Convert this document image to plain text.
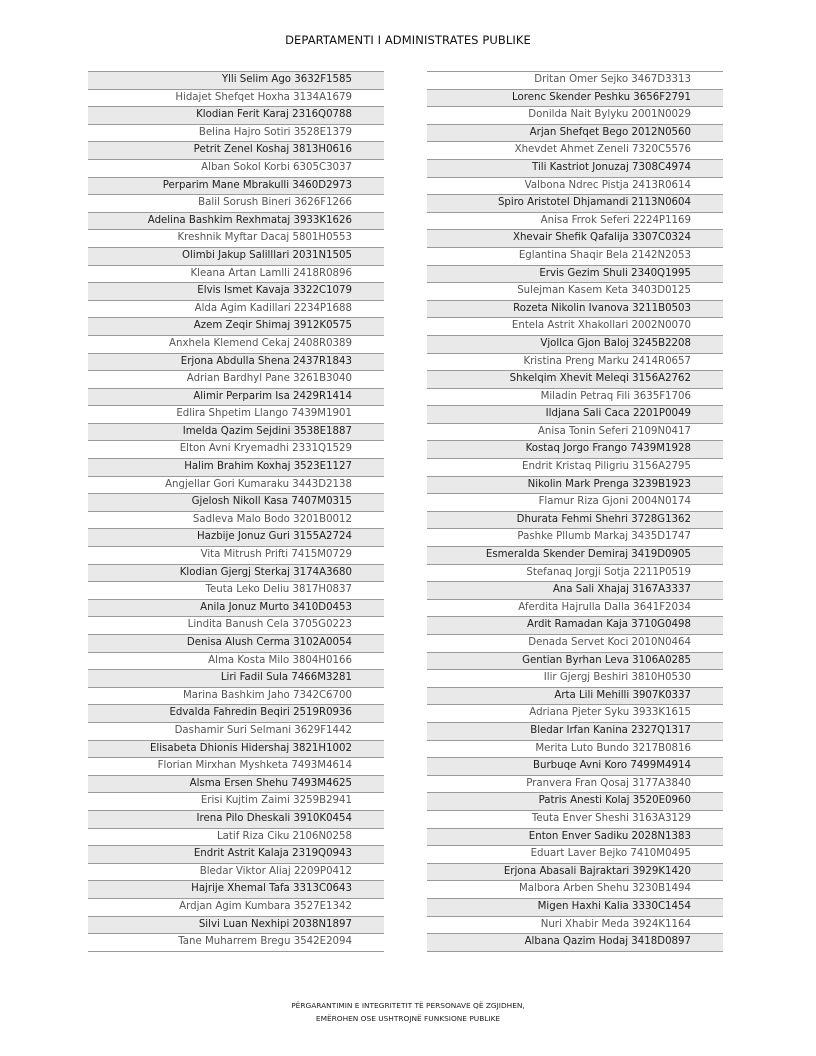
DEPARTAMENTI I ADMINISTRATES PUBLIKE
Ylli Selim Ago 3632F1585
Hidajet Shefqet Hoxha 3134A1679
Klodian Ferit Karaj 2316Q0788
Belina Hajro Sotiri 3528E1379
Petrit Zenel Koshaj 3813H0616
Alban Sokol Korbi 6305C3037
Perparim Mane Mbrakulli 3460D2973
Balil Sorush Bineri 3626F1266
Adelina Bashkim Rexhmataj 3933K1626
Kreshnik Myftar Dacaj 5801H0553
Olimbi Jakup Salilllari 2031N1505
Kleana Artan Lamlli 2418R0896
Elvis Ismet Kavaja 3322C1079
Alda Agim Kadillari 2234P1688
Azem Zeqir Shimaj 3912K0575
Anxhela Klemend Cekaj 2408R0389
Erjona Abdulla Shena 2437R1843
Adrian Bardhyl Pane 3261B3040
Alimir Perparim Isa 2429R1414
Edlira Shpetim Llango 7439M1901
Imelda Qazim Sejdini 3538E1887
Elton Avni Kryemadhi 2331Q1529
Halim Brahim Koxhaj 3523E1127
Angjellar Gori Kumaraku 3443D2138
Gjelosh Nikoll Kasa 7407M0315
Sadleva Malo Bodo 3201B0012
Hazbije Jonuz Guri 3155A2724
Vita Mitrush Prifti 7415M0729
Klodian Gjergj Sterkaj 3174A3680
Teuta Leko Deliu 3817H0837
Anila Jonuz Murto 3410D0453
Lindita Banush Cela 3705G0223
Denisa Alush Cerma 3102A0054
Alma Kosta Milo 3804H0166
Liri Fadil Sula 7466M3281
Marina Bashkim Jaho 7342C6700
Edvalda Fahredin Beqiri 2519R0936
Dashamir Suri Selmani 3629F1442
Elisabeta Dhionis Hidershaj 3821H1002
Florian Mirxhan Myshketa 7493M4614
Alsma Ersen Shehu 7493M4625
Erisi Kujtim Zaimi 3259B2941
Irena Pilo Dheskali 3910K0454
Latif Riza Ciku 2106N0258
Endrit Astrit Kalaja 2319Q0943
Bledar Viktor Aliaj 2209P0412
Hajrije Xhemal Tafa 3313C0643
Ardjan Agim Kumbara 3527E1342
Silvi Luan Nexhipi 2038N1897
Tane Muharrem Bregu 3542E2094
Dritan Omer Sejko 3467D3313
Lorenc Skender Peshku 3656F2791
Donilda Nait Bylyku 2001N0029
Arjan Shefqet Bego 2012N0560
Xhevdet Ahmet Zeneli 7320C5576
Tili Kastriot Jonuzaj 7308C4974
Valbona Ndrec Pistja 2413R0614
Spiro Aristotel Dhjamandi 2113N0604
Anisa Frrok Seferi 2224P1169
Xhevair Shefik Qafalija 3307C0324
Eglantina Shaqir Bela 2142N2053
Ervis Gezim Shuli 2340Q1995
Sulejman Kasem Keta 3403D0125
Rozeta Nikolin Ivanova 3211B0503
Entela Astrit Xhakollari 2002N0070
Vjollca Gjon Baloj 3245B2208
Kristina Preng Marku 2414R0657
Shkelqim Xhevit Meleqi 3156A2762
Miladin Petraq Fili 3635F1706
Ildjana Sali Caca 2201P0049
Anisa Tonin Seferi 2109N0417
Kostaq Jorgo Frango 7439M1928
Endrit Kristaq Piligriu 3156A2795
Nikolin Mark Prenga 3239B1923
Flamur Riza Gjoni 2004N0174
Dhurata Fehmi Shehri 3728G1362
Pashke Pllumb Markaj 3435D1747
Esmeralda Skender Demiraj 3419D0905
Stefanaq Jorgji Sotja 2211P0519
Ana Sali Xhajaj 3167A3337
Aferdita Hajrulla Dalla 3641F2034
Ardit Ramadan Kaja 3710G0498
Denada Servet Koci 2010N0464
Gentian Byrhan Leva 3106A0285
Ilir Gjergj Beshiri 3810H0530
Arta Lili Mehilli 3907K0337
Adriana Pjeter Syku 3933K1615
Bledar Irfan Kanina 2327Q1317
Merita Luto Bundo 3217B0816
Burbuqe Avni Koro 7499M4914
Pranvera Fran Qosaj 3177A3840
Patris Anesti Kolaj 3520E0960
Teuta Enver Sheshi 3163A3129
Enton Enver Sadiku 2028N1383
Eduart Laver Bejko 7410M0495
Erjona Abasali Bajraktari 3929K1420
Malbora Arben Shehu 3230B1494
Migen Haxhi Kalia 3330C1454
Nuri Xhabir Meda 3924K1164
Albana Qazim Hodaj 3418D0897
PËRGARANTIMIN E INTEGRITETIT TË PERSONAVE QË ZGJIDHEN,
EMËROHEN OSE USHTROJNË FUNKSIONE PUBLIKE
